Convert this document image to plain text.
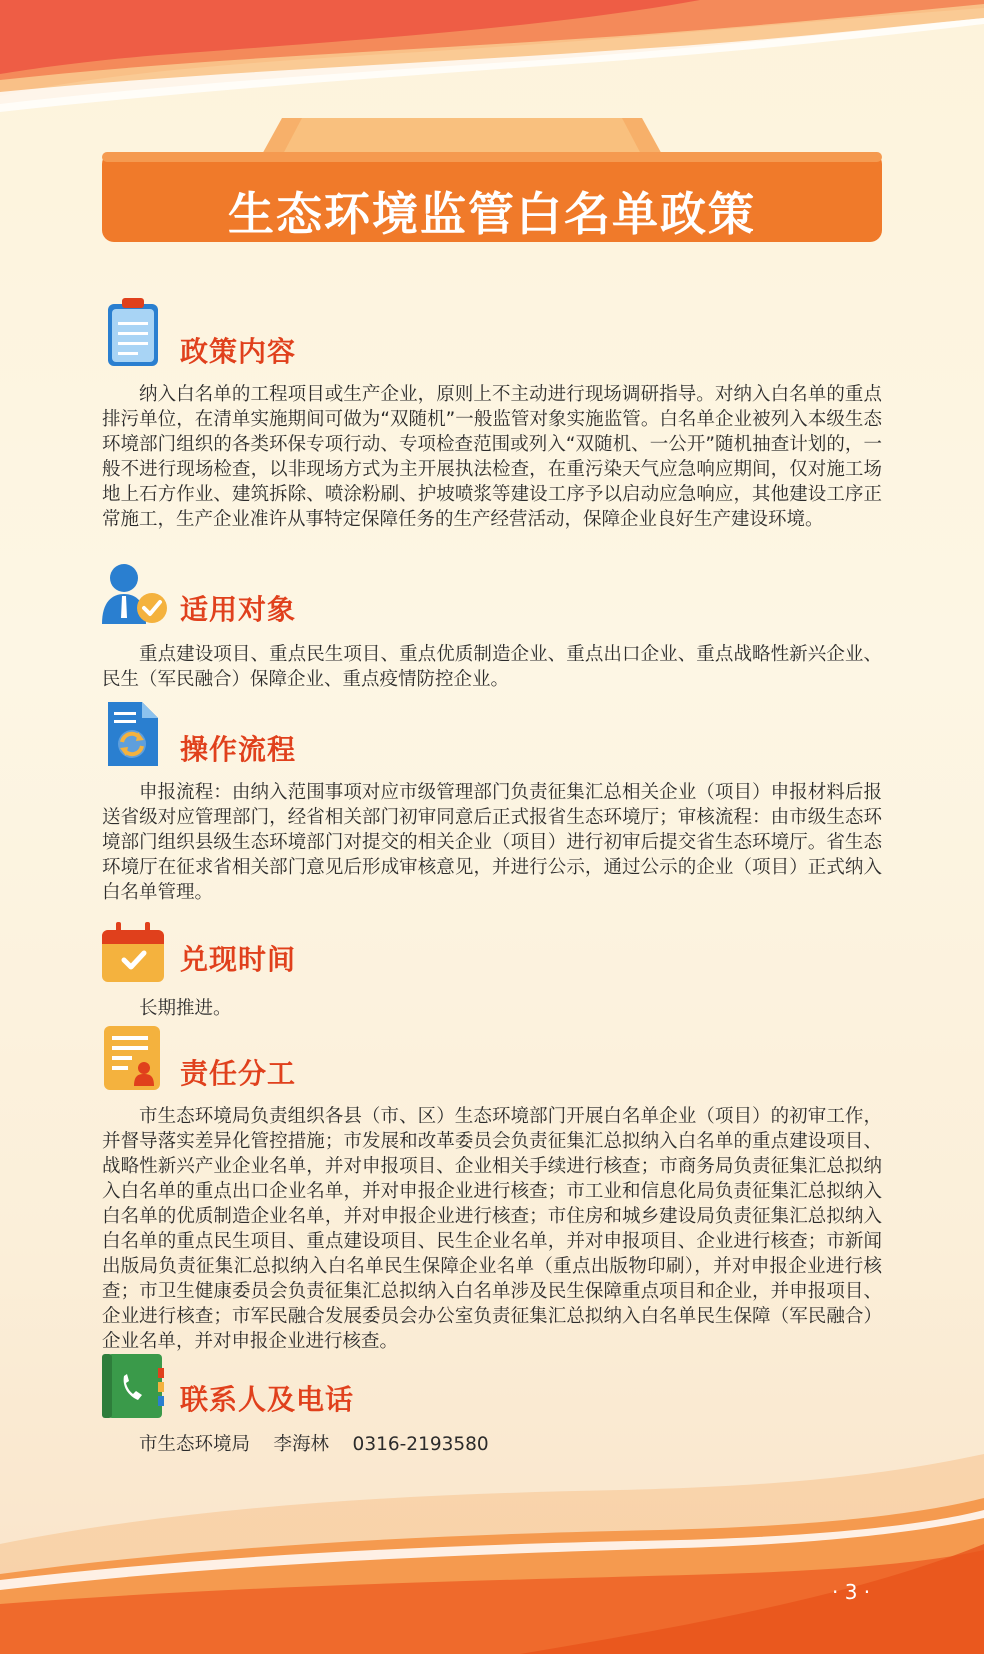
生态环境监管白名单政策
政策内容

纳入白名单的工程项目或生产企业，原则上不主动进行现场调研指导。对纳入白名单的重点排污单位，在清单实施期间可做为“双随机”一般监管对象实施监管。白名单企业被列入本级生态环境部门组织的各类环保专项行动、专项检查范围或列入“双随机、一公开”随机抽查计划的，一般不进行现场检查，以非现场方式为主开展执法检查，在重污染天气应急响应期间，仅对施工场地上石方作业、建筑拆除、喷涂粉刷、护坡喷浆等建设工序予以启动应急响应，其他建设工序正常施工，生产企业准许从事特定保障任务的生产经营活动，保障企业良好生产建设环境。

适用对象

重点建设项目、重点民生项目、重点优质制造企业、重点出口企业、重点战略性新兴企业、民生（军民融合）保障企业、重点疫情防控企业。

操作流程

申报流程：由纳入范围事项对应市级管理部门负责征集汇总相关企业（项目）申报材料后报送省级对应管理部门，经省相关部门初审同意后正式报省生态环境厅；审核流程：由市级生态环境部门组织县级生态环境部门对提交的相关企业（项目）进行初审后提交省生态环境厅。省生态环境厅在征求省相关部门意见后形成审核意见，并进行公示，通过公示的企业（项目）正式纳入白名单管理。

兑现时间

长期推进。

责任分工

市生态环境局负责组织各县（市、区）生态环境部门开展白名单企业（项目）的初审工作，并督导落实差异化管控措施；市发展和改革委员会负责征集汇总拟纳入白名单的重点建设项目、战略性新兴产业企业名单，并对申报项目、企业相关手续进行核查；市商务局负责征集汇总拟纳入白名单的重点出口企业名单，并对申报企业进行核查；市工业和信息化局负责征集汇总拟纳入白名单的优质制造企业名单，并对申报企业进行核查；市住房和城乡建设局负责征集汇总拟纳入白名单的重点民生项目、重点建设项目、民生企业名单，并对申报项目、企业进行核查；市新闻出版局负责征集汇总拟纳入白名单民生保障企业名单（重点出版物印刷），并对申报企业进行核查；市卫生健康委员会负责征集汇总拟纳入白名单涉及民生保障重点项目和企业，并申报项目、企业进行核查；市军民融合发展委员会办公室负责征集汇总拟纳入白名单民生保障（军民融合）企业名单，并对申报企业进行核查。

联系人及电话

市生态环境局    李海林    0316-2193580

· 3 ·
